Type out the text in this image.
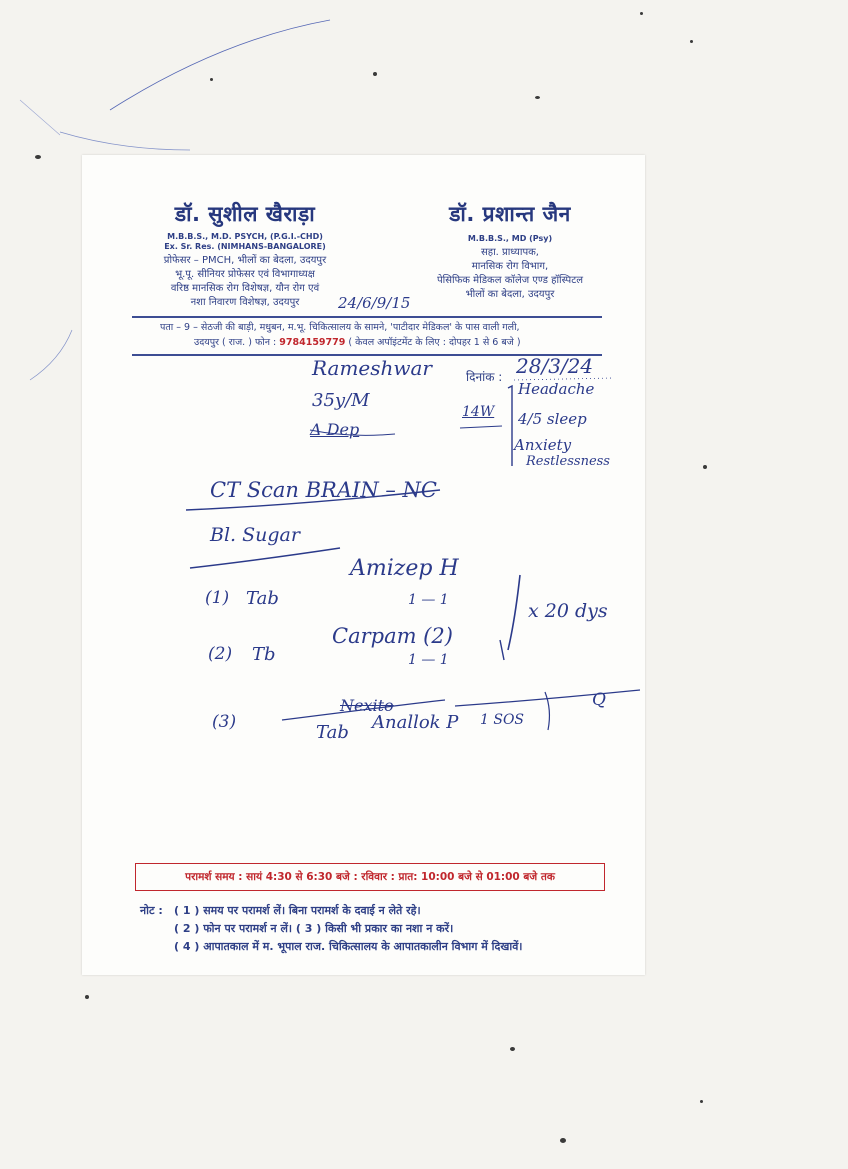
डॉ. सुशील खैराड़ा
M.B.B.S., M.D. PSYCH, (P.G.I.-CHD)
Ex. Sr. Res. (NIMHANS-BANGALORE)
प्रोफेसर – PMCH, भीलों का बेदला, उदयपुर
भू.पू. सीनियर प्रोफेसर एवं विभागाध्यक्ष
वरिष्ठ मानसिक रोग विशेषज्ञ, यौन रोग एवं
नशा निवारण विशेषज्ञ, उदयपुर
डॉ. प्रशान्त जैन
M.B.B.S., MD (Psy)
सहा. प्राध्यापक,
मानसिक रोग विभाग,
पेसिफिक मेडिकल कॉलेज एण्ड हॉस्पिटल
भीलों का बेदला, उदयपुर
24/6/9/15
पता – 9 – सेठजी की बाड़ी, मधुबन, म.भू. चिकित्सालय के सामने, 'पाटीदार मेडिकल' के पास वाली गली,
उदयपुर ( राज. ) फोन : 9784159779 ( केवल अपॉइंटमेंट के लिए : दोपहर 1 से 6 बजे )
दिनांक : 28/3/24
Rameshwar
35y/M
Δ Dep
14W
Headache
4/5 sleep
Anxiety
Restlessness
CT Scan BRAIN – NC
Bl. Sugar
(1) Tab
Amizep H
1 — 1
(2) Tb
Carpam (2)
1 — 1
x 20 dys
(3)
Nexito
Tab Anallok P 1 SOS
Q
परामर्श समय : सायं 4:30 से 6:30 बजे : रविवार : प्रात: 10:00 बजे से 01:00 बजे तक
नोट : ( 1 ) समय पर परामर्श लें। बिना परामर्श के दवाई न लेते रहे।
( 2 ) फोन पर परामर्श न लें। ( 3 ) किसी भी प्रकार का नशा न करें।
( 4 ) आपातकाल में म. भूपाल राज. चिकित्सालय के आपातकालीन विभाग में दिखावें।
